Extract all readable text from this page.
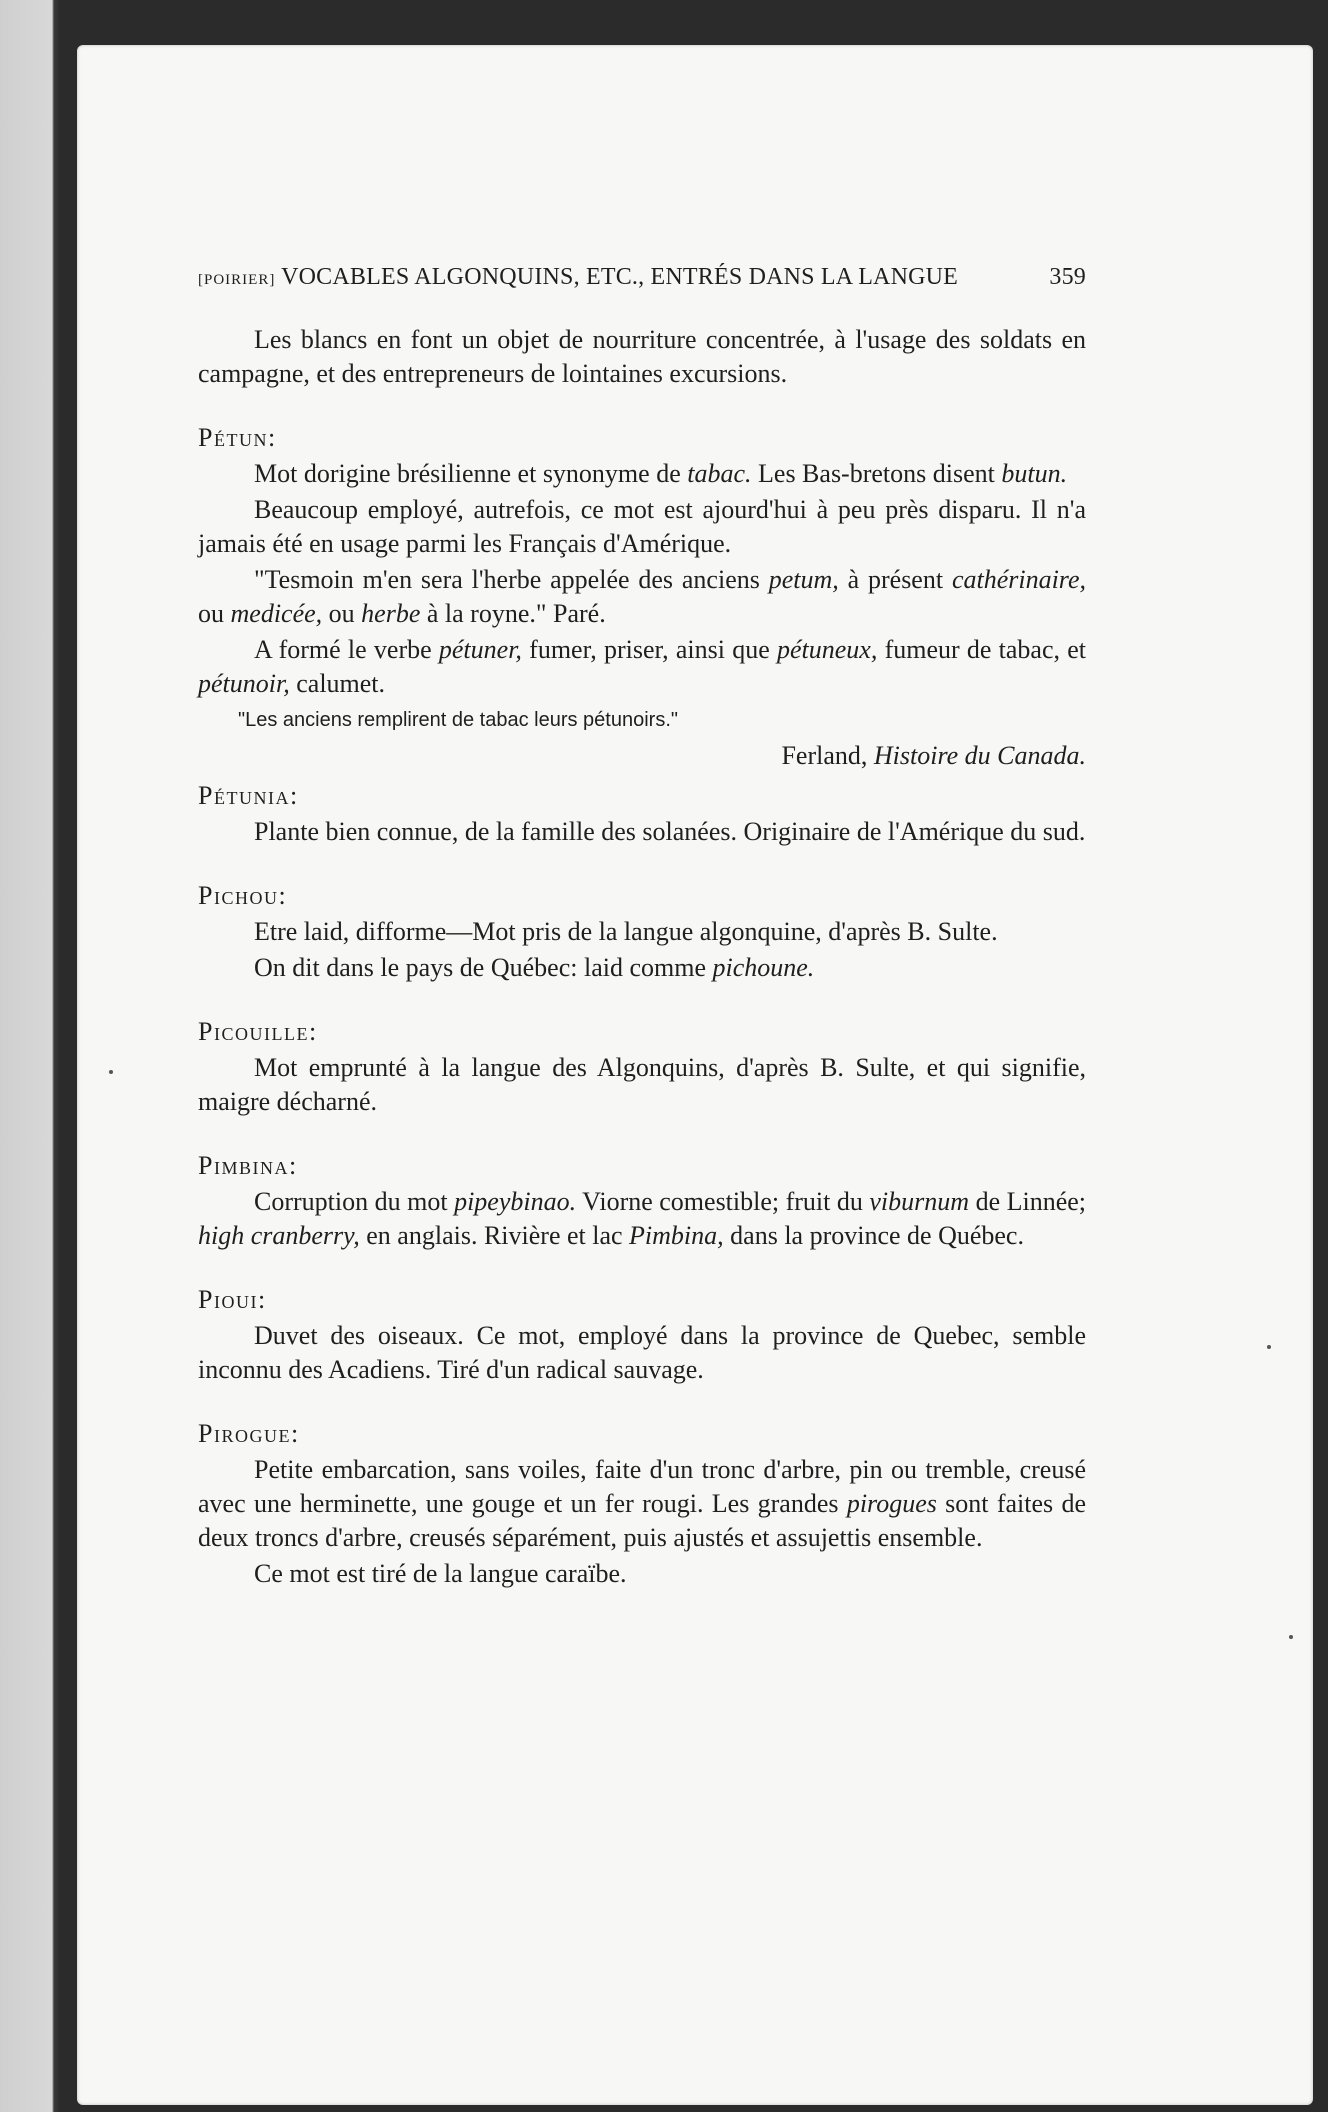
[POIRIER] VOCABLES ALGONQUINS, ETC., ENTRÉS DANS LA LANGUE	359

Les blancs en font un objet de nourriture concentrée, à l'usage des soldats en campagne, et des entrepreneurs de lointaines excursions.

Pétun:

Mot dorigine brésilienne et synonyme de tabac. Les Bas-bretons disent butun.

Beaucoup employé, autrefois, ce mot est ajourd'hui à peu près disparu. Il n'a jamais été en usage parmi les Français d'Amérique.

"Tesmoin m'en sera l'herbe appelée des anciens petum, à présent cathérinaire, ou medicée, ou herbe à la royne." Paré.

A formé le verbe pétuner, fumer, priser, ainsi que pétuneux, fumeur de tabac, et pétunoir, calumet.

"Les anciens remplirent de tabac leurs pétunoirs."
Ferland, Histoire du Canada.
Pétunia:

Plante bien connue, de la famille des solanées. Originaire de l'Amérique du sud.

Pichou:

Etre laid, difforme—Mot pris de la langue algonquine, d'après B. Sulte.

On dit dans le pays de Québec: laid comme pichoune.

Picouille:

Mot emprunté à la langue des Algonquins, d'après B. Sulte, et qui signifie, maigre décharné.

Pimbina:

Corruption du mot pipeybinao. Viorne comestible; fruit du viburnum de Linnée; high cranberry, en anglais. Rivière et lac Pimbina, dans la province de Québec.

Pioui:

Duvet des oiseaux. Ce mot, employé dans la province de Quebec, semble inconnu des Acadiens. Tiré d'un radical sauvage.

Pirogue:

Petite embarcation, sans voiles, faite d'un tronc d'arbre, pin ou tremble, creusé avec une herminette, une gouge et un fer rougi. Les grandes pirogues sont faites de deux troncs d'arbre, creusés séparément, puis ajustés et assujettis ensemble.

Ce mot est tiré de la langue caraïbe.
